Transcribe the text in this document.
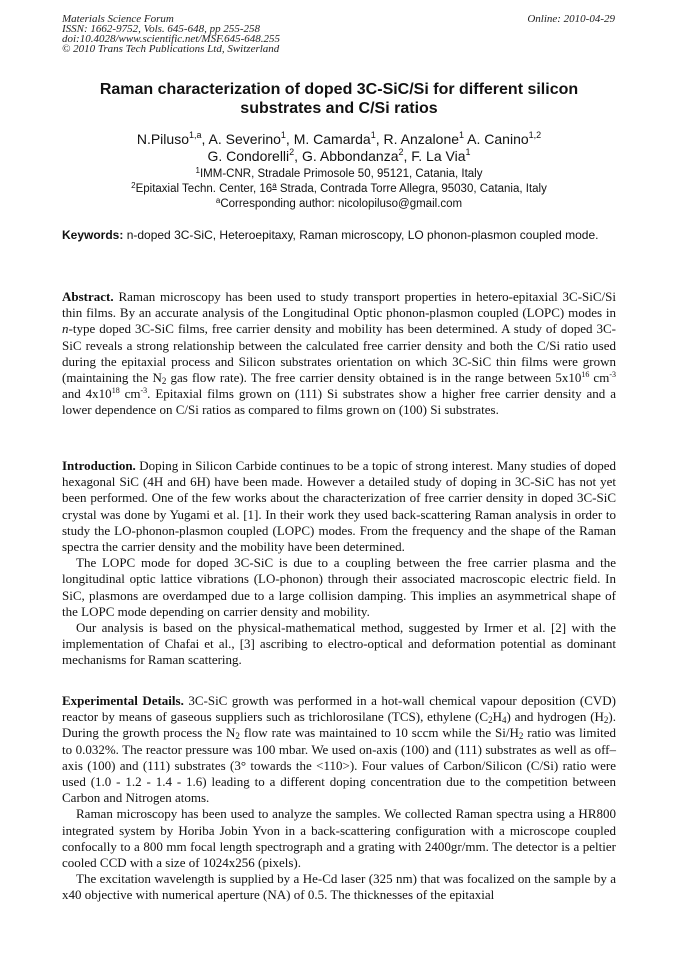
Materials Science Forum
ISSN: 1662-9752, Vols. 645-648, pp 255-258
doi:10.4028/www.scientific.net/MSF.645-648.255
© 2010 Trans Tech Publications Ltd, Switzerland
Online: 2010-04-29
Raman characterization of doped 3C-SiC/Si for different silicon
substrates and C/Si ratios
N.Piluso$^{1,a}$, A. Severino$^1$, M. Camarda$^1$, R. Anzalone$^1$ A. Canino$^{1,2}$
G. Condorelli$^2$, G. Abbondanza$^2$, F. La Via$^1$
$^1$IMM-CNR, Stradale Primosole 50, 95121, Catania, Italy
$^2$Epitaxial Techn. Center, 16$^a$ Strada, Contrada Torre Allegra, 95030, Catania, Italy
$^a$Corresponding author: nicolopiluso@gmail.com
Keywords: n-doped 3C-SiC, Heteroepitaxy, Raman microscopy, LO phonon-plasmon coupled mode.

Abstract. Raman microscopy has been used to study transport properties in hetero-epitaxial 3C-SiC/Si thin films. By an accurate analysis of the Longitudinal Optic phonon-plasmon coupled (LOPC) modes in n-type doped 3C-SiC films, free carrier density and mobility has been determined. A study of doped 3C-SiC reveals a strong relationship between the calculated free carrier density and both the C/Si ratio used during the epitaxial process and Silicon substrates orientation on which 3C-SiC thin films were grown (maintaining the $N_2$ gas flow rate). The free carrier density obtained is in the range between $5x10^{16}$ $cm^{-3}$ and $4x10^{18}$ $cm^{-3}$. Epitaxial films grown on (111) Si substrates show a higher free carrier density and a lower dependence on C/Si ratios as compared to films grown on (100) Si substrates.

Introduction. Doping in Silicon Carbide continues to be a topic of strong interest. Many studies of doped hexagonal SiC (4H and 6H) have been made. However a detailed study of doping in 3C-SiC has not yet been performed. One of the few works about the characterization of free carrier density in doped 3C-SiC crystal was done by Yugami et al. [1]. In their work they used back-scattering Raman analysis in order to study the LO-phonon-plasmon coupled (LOPC) modes. From the frequency and the shape of the Raman spectra the carrier density and the mobility have been determined.

The LOPC mode for doped 3C-SiC is due to a coupling between the free carrier plasma and the longitudinal optic lattice vibrations (LO-phonon) through their associated macroscopic electric field. In SiC, plasmons are overdamped due to a large collision damping. This implies an asymmetrical shape of the LOPC mode depending on carrier density and mobility.

Our analysis is based on the physical-mathematical method, suggested by Irmer et al. [2] with the implementation of Chafai et al., [3] ascribing to electro-optical and deformation potential as dominant mechanisms for Raman scattering.

Experimental Details. 3C-SiC growth was performed in a hot-wall chemical vapour deposition (CVD) reactor by means of gaseous suppliers such as trichlorosilane (TCS), ethylene $(C_2H_4)$ and hydrogen $(H_2)$. During the growth process the $N_2$ flow rate was maintained to 10 sccm while the $Si/H_2$ ratio was limited to 0.032%. The reactor pressure was 100 mbar. We used on-axis (100) and (111) substrates as well as off–axis (100) and (111) substrates (3° towards the <110>). Four values of Carbon/Silicon (C/Si) ratio were used (1.0 - 1.2 - 1.4 - 1.6) leading to a different doping concentration due to the competition between Carbon and Nitrogen atoms.

Raman microscopy has been used to analyze the samples. We collected Raman spectra using a HR800 integrated system by Horiba Jobin Yvon in a back-scattering configuration with a microscope coupled confocally to a 800 mm focal length spectrograph and a grating with 2400gr/mm. The detector is a peltier cooled CCD with a size of 1024x256 (pixels).

The excitation wavelength is supplied by a He-Cd laser (325 nm) that was focalized on the sample by a x40 objective with numerical aperture (NA) of 0.5. The thicknesses of the epitaxial
